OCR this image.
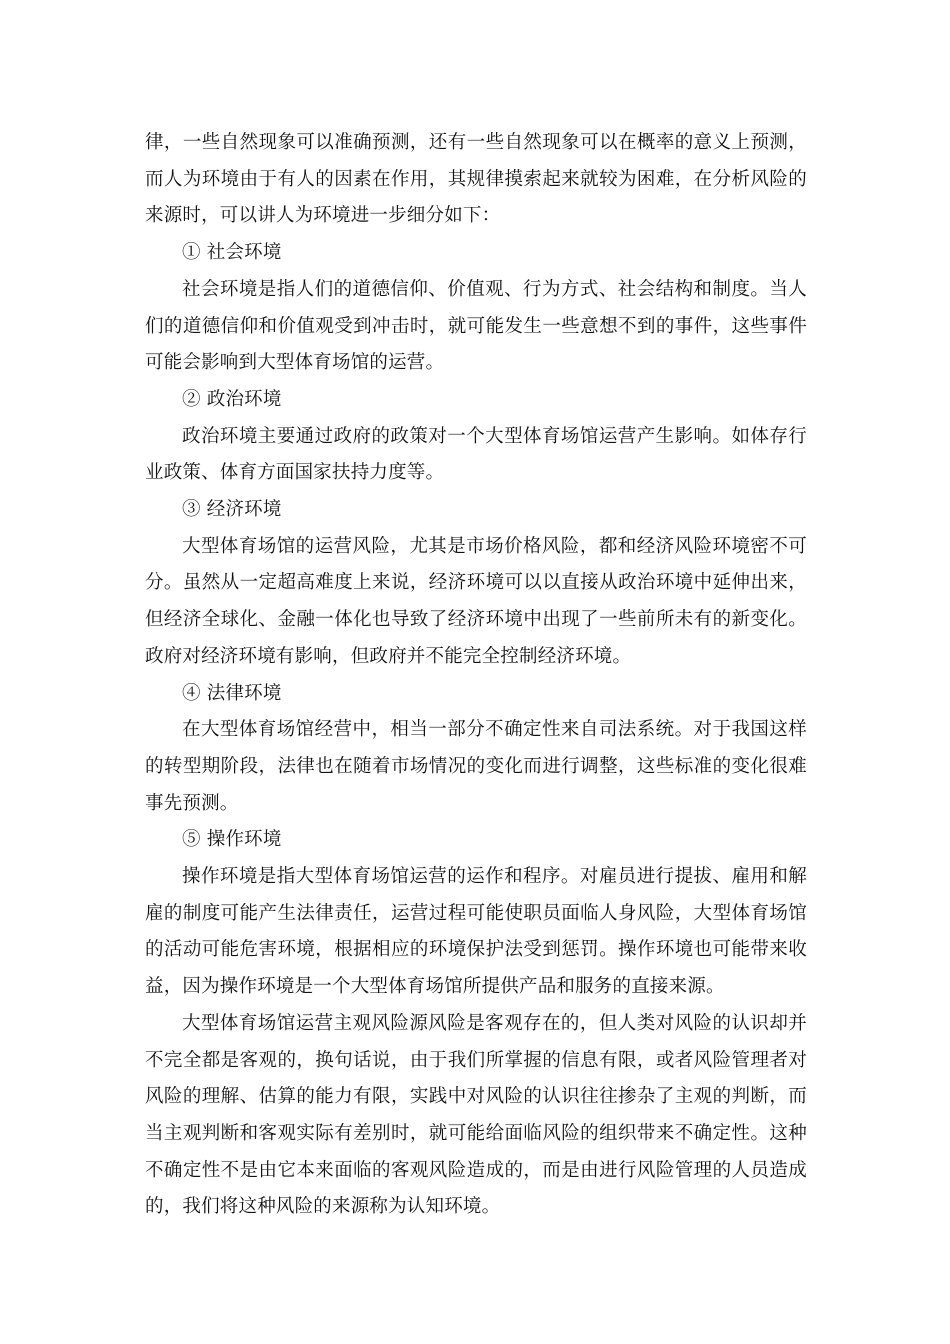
律，一些自然现象可以准确预测，还有一些自然现象可以在概率的意义上预测，而人为环境由于有人的因素在作用，其规律摸索起来就较为困难，在分析风险的来源时，可以讲人为环境进一步细分如下：

① 社会环境

社会环境是指人们的道德信仰、价值观、行为方式、社会结构和制度。当人们的道德信仰和价值观受到冲击时，就可能发生一些意想不到的事件，这些事件可能会影响到大型体育场馆的运营。

② 政治环境

政治环境主要通过政府的政策对一个大型体育场馆运营产生影响。如体存行业政策、体育方面国家扶持力度等。

③ 经济环境

大型体育场馆的运营风险，尤其是市场价格风险，都和经济风险环境密不可分。虽然从一定超高难度上来说，经济环境可以以直接从政治环境中延伸出来，但经济全球化、金融一体化也导致了经济环境中出现了一些前所未有的新变化。政府对经济环境有影响，但政府并不能完全控制经济环境。

④ 法律环境

在大型体育场馆经营中，相当一部分不确定性来自司法系统。对于我国这样的转型期阶段，法律也在随着市场情况的变化而进行调整，这些标准的变化很难事先预测。

⑤ 操作环境

操作环境是指大型体育场馆运营的运作和程序。对雇员进行提拔、雇用和解雇的制度可能产生法律责任，运营过程可能使职员面临人身风险，大型体育场馆的活动可能危害环境，根据相应的环境保护法受到惩罚。操作环境也可能带来收益，因为操作环境是一个大型体育场馆所提供产品和服务的直接来源。

大型体育场馆运营主观风险源风险是客观存在的，但人类对风险的认识却并不完全都是客观的，换句话说，由于我们所掌握的信息有限，或者风险管理者对风险的理解、估算的能力有限，实践中对风险的认识往往掺杂了主观的判断，而当主观判断和客观实际有差别时，就可能给面临风险的组织带来不确定性。这种不确定性不是由它本来面临的客观风险造成的，而是由进行风险管理的人员造成的，我们将这种风险的来源称为认知环境。
